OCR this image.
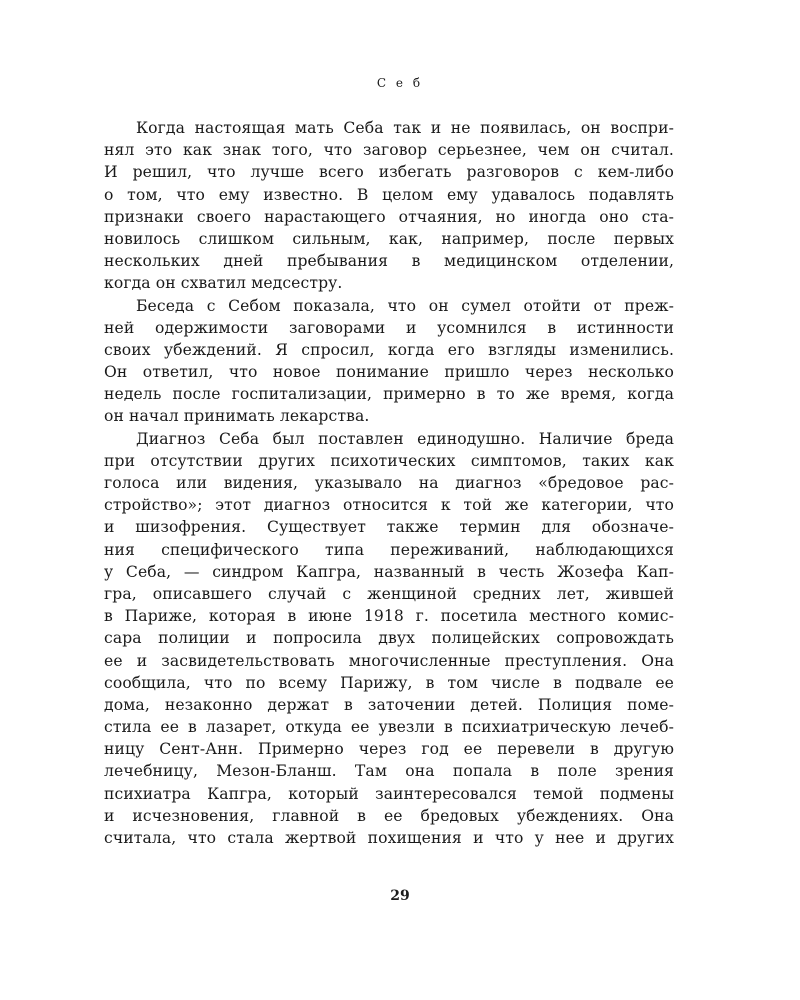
С е б
Когда настоящая мать Себа так и не появилась, он воспри-
нял это как знак того, что заговор серьезнее, чем он считал.
И решил, что лучше всего избегать разговоров с кем-либо
о том, что ему известно. В целом ему удавалось подавлять
признаки своего нарастающего отчаяния, но иногда оно ста-
новилось слишком сильным, как, например, после первых
нескольких дней пребывания в медицинском отделении,
когда он схватил медсестру.
Беседа с Себом показала, что он сумел отойти от преж-
ней одержимости заговорами и усомнился в истинности
своих убеждений. Я спросил, когда его взгляды изменились.
Он ответил, что новое понимание пришло через несколько
недель после госпитализации, примерно в то же время, когда
он начал принимать лекарства.
Диагноз Себа был поставлен единодушно. Наличие бреда
при отсутствии других психотических симптомов, таких как
голоса или видения, указывало на диагноз «бредовое рас-
стройство»; этот диагноз относится к той же категории, что
и шизофрения. Существует также термин для обозначе-
ния специфического типа переживаний, наблюдающихся
у Себа, — синдром Капгра, названный в честь Жозефа Кап-
гра, описавшего случай с женщиной средних лет, жившей
в Париже, которая в июне 1918 г. посетила местного комис-
сара полиции и попросила двух полицейских сопровождать
ее и засвидетельствовать многочисленные преступления. Она
сообщила, что по всему Парижу, в том числе в подвале ее
дома, незаконно держат в заточении детей. Полиция поме-
стила ее в лазарет, откуда ее увезли в психиатрическую лечеб-
ницу Сент-Анн. Примерно через год ее перевели в другую
лечебницу, Мезон-Бланш. Там она попала в поле зрения
психиатра Капгра, который заинтересовался темой подмены
и исчезновения, главной в ее бредовых убеждениях. Она
считала, что стала жертвой похищения и что у нее и других
29
